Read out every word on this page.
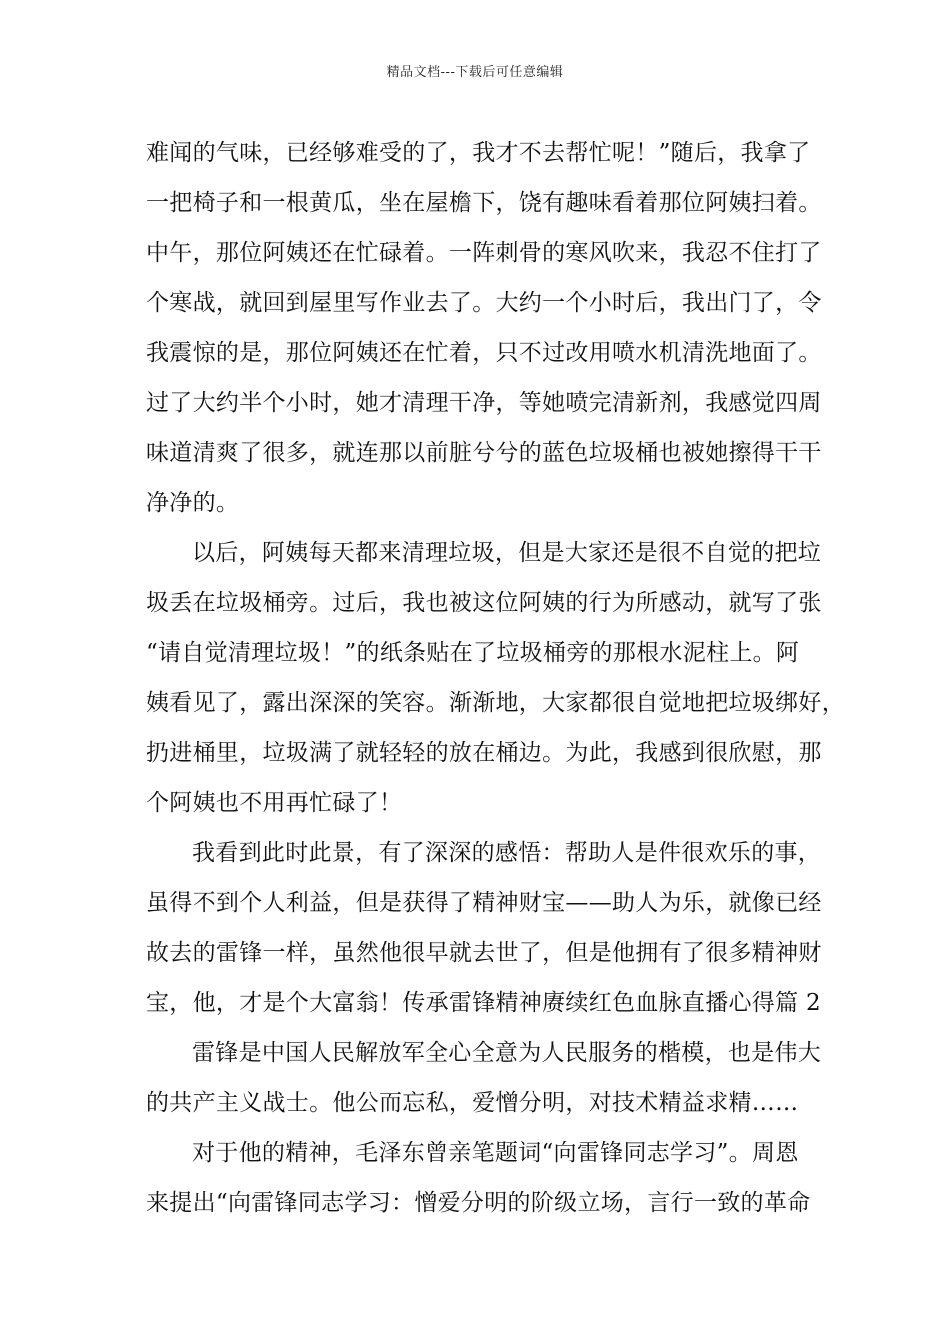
精品文档---下载后可任意编辑
难闻的气味，已经够难受的了，我才不去帮忙呢！”随后，我拿了
一把椅子和一根黄瓜，坐在屋檐下，饶有趣味看着那位阿姨扫着。
中午，那位阿姨还在忙碌着。一阵刺骨的寒风吹来，我忍不住打了
个寒战，就回到屋里写作业去了。大约一个小时后，我出门了，令
我震惊的是，那位阿姨还在忙着，只不过改用喷水机清洗地面了。
过了大约半个小时，她才清理干净，等她喷完清新剂，我感觉四周
味道清爽了很多，就连那以前脏兮兮的蓝色垃圾桶也被她擦得干干
净净的。
以后，阿姨每天都来清理垃圾，但是大家还是很不自觉的把垃
圾丢在垃圾桶旁。过后，我也被这位阿姨的行为所感动，就写了张
“请自觉清理垃圾！”的纸条贴在了垃圾桶旁的那根水泥柱上。阿
姨看见了，露出深深的笑容。渐渐地，大家都很自觉地把垃圾绑好，
扔进桶里，垃圾满了就轻轻的放在桶边。为此，我感到很欣慰，那
个阿姨也不用再忙碌了！
我看到此时此景，有了深深的感悟：帮助人是件很欢乐的事，
虽得不到个人利益，但是获得了精神财宝——助人为乐，就像已经
故去的雷锋一样，虽然他很早就去世了，但是他拥有了很多精神财
宝，他，才是个大富翁！传承雷锋精神赓续红色血脉直播心得篇 2
雷锋是中国人民解放军全心全意为人民服务的楷模，也是伟大
的共产主义战士。他公而忘私，爱憎分明，对技术精益求精……
对于他的精神，毛泽东曾亲笔题词“向雷锋同志学习”。周恩
来提出“向雷锋同志学习：憎爱分明的阶级立场，言行一致的革命
